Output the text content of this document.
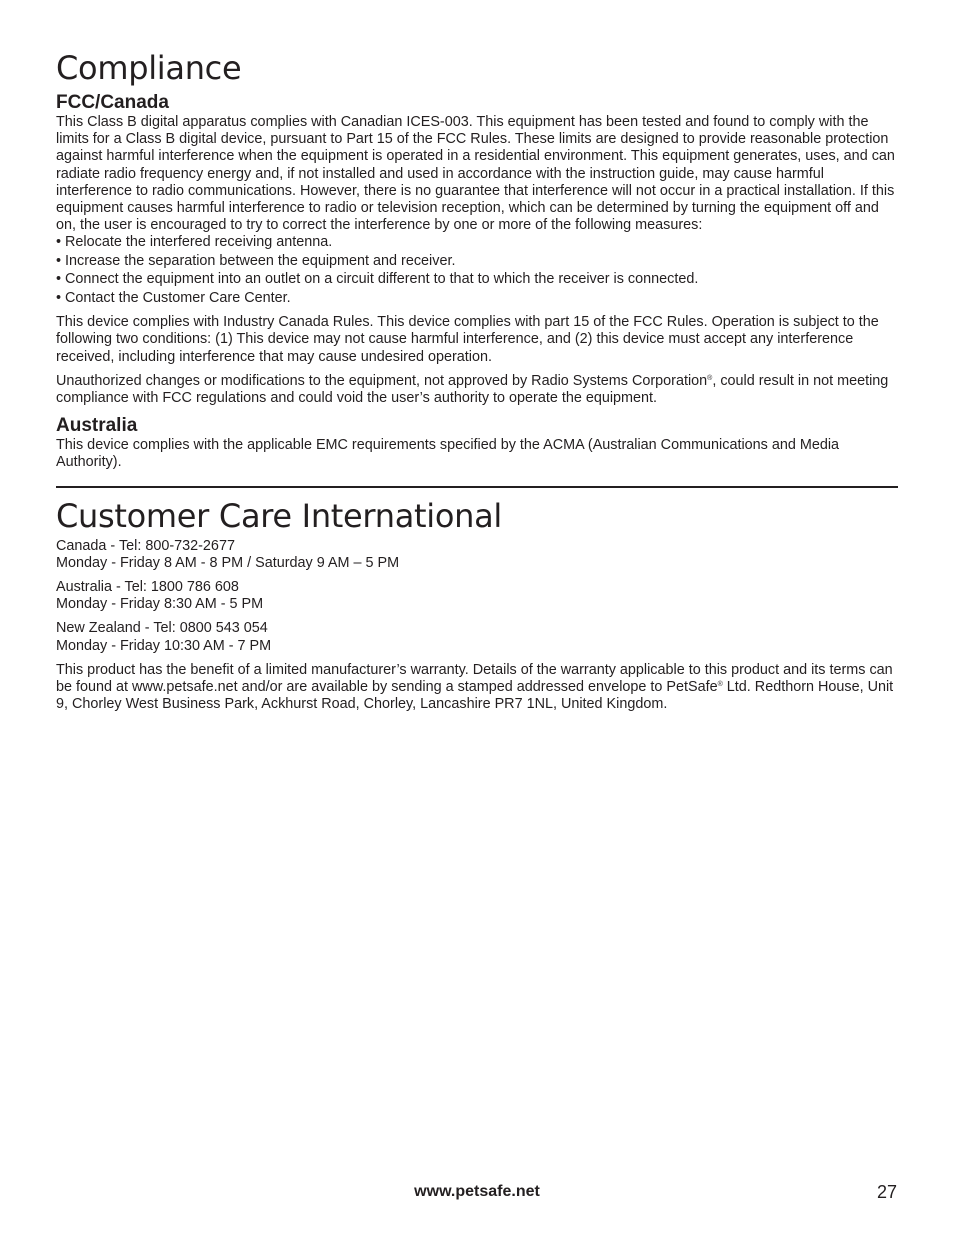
Compliance
FCC/Canada

This Class B digital apparatus complies with Canadian ICES-003. This equipment has been tested and found to comply with the limits for a Class B digital device, pursuant to Part 15 of the FCC Rules. These limits are designed to provide reasonable protection against harmful interference when the equipment is operated in a residential environment. This equipment generates, uses, and can radiate radio frequency energy and, if not installed and used in accordance with the instruction guide, may cause harmful interference to radio communications. However, there is no guarantee that interference will not occur in a practical installation. If this equipment causes harmful interference to radio or television reception, which can be determined by turning the equipment off and on, the user is encouraged to try to correct the interference by one or more of the following measures:

• Relocate the interfered receiving antenna.
• Increase the separation between the equipment and receiver.
• Connect the equipment into an outlet on a circuit different to that to which the receiver is connected.
• Contact the Customer Care Center.

This device complies with Industry Canada Rules. This device complies with part 15 of the FCC Rules. Operation is subject to the following two conditions: (1) This device may not cause harmful interference, and (2) this device must accept any interference received, including interference that may cause undesired operation.

Unauthorized changes or modifications to the equipment, not approved by Radio Systems Corporation®, could result in not meeting compliance with FCC regulations and could void the user’s authority to operate the equipment.

Australia

This device complies with the applicable EMC requirements specified by the ACMA (Australian Communications and Media Authority).

Customer Care International

Canada - Tel: 800-732-2677
Monday - Friday 8 AM - 8 PM / Saturday 9 AM – 5 PM

Australia - Tel: 1800 786 608
Monday - Friday 8:30 AM - 5 PM

New Zealand - Tel: 0800 543 054
Monday - Friday 10:30 AM - 7 PM

This product has the benefit of a limited manufacturer’s warranty. Details of the warranty applicable to this product and its terms can be found at www.petsafe.net and/or are available by sending a stamped addressed envelope to PetSafe® Ltd. Redthorn House, Unit 9, Chorley West Business Park, Ackhurst Road, Chorley, Lancashire PR7 1NL, United Kingdom.

www.petsafe.net	27
